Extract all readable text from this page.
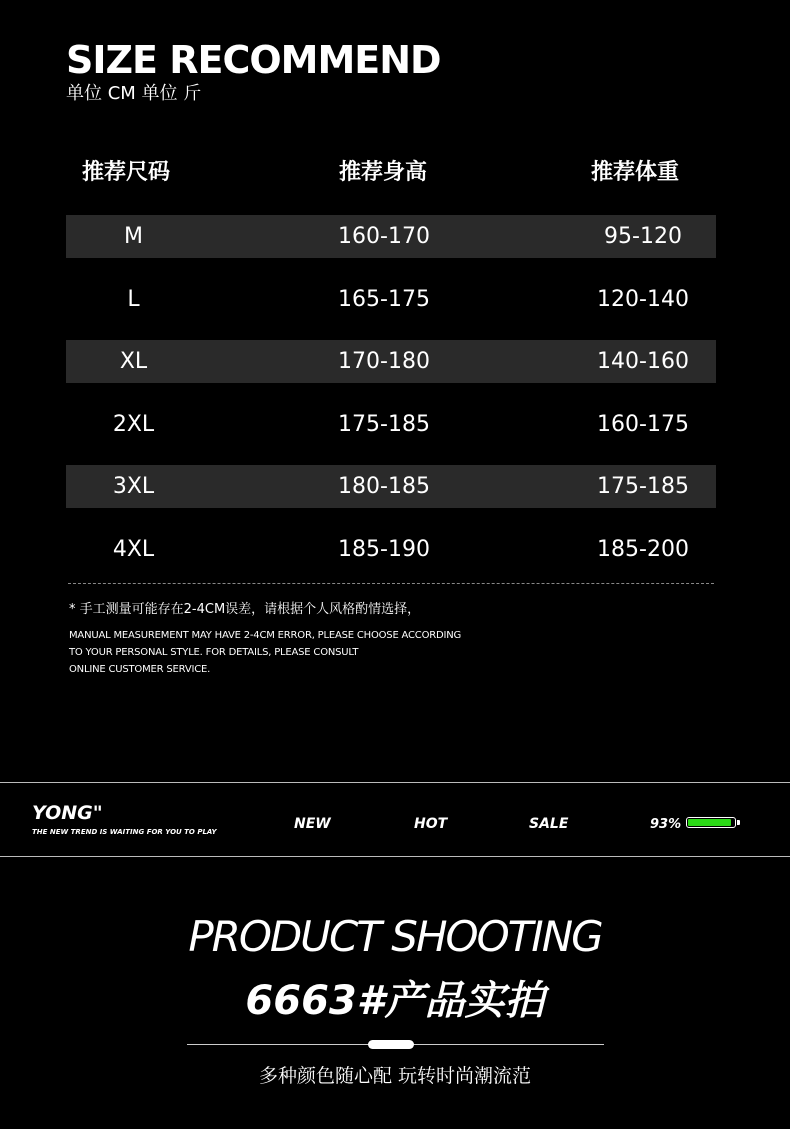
SIZE RECOMMEND
单位 CM 单位 斤
推荐尺码	推荐身高	推荐体重
M	160-170	95-120
L	165-175	120-140
XL	170-180	140-160
2XL	175-185	160-175
3XL	180-185	175-185
4XL	185-190	185-200
* 手工测量可能存在2-4CM误差，请根据个人风格酌情选择，
MANUAL MEASUREMENT MAY HAVE 2-4CM ERROR, PLEASE CHOOSE ACCORDING
TO YOUR PERSONAL STYLE. FOR DETAILS, PLEASE CONSULT
ONLINE CUSTOMER SERVICE.
YONG"
THE NEW TREND IS WAITING FOR YOU TO PLAY	NEW	HOT	SALE	93%
PRODUCT SHOOTING
6663#产品实拍
多种颜色随心配 玩转时尚潮流范
